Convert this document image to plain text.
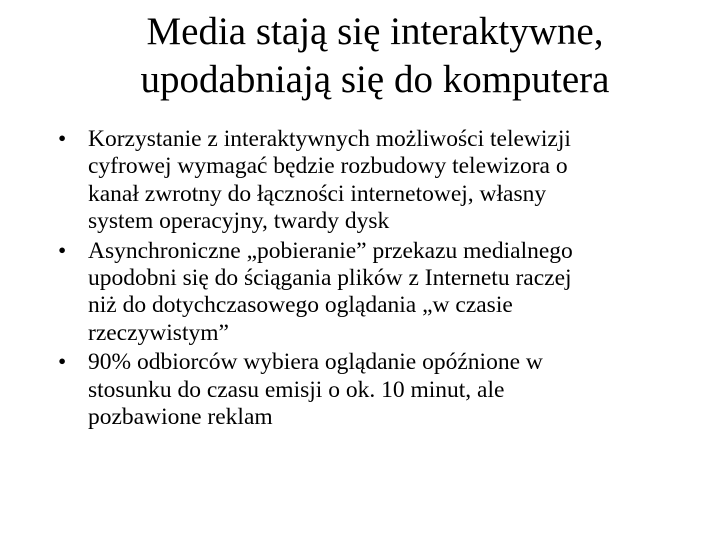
Media stają się interaktywne,
upodabniają się do komputera
• Korzystanie z interaktywnych możliwości telewizji
cyfrowej wymagać będzie rozbudowy telewizora o
kanał zwrotny do łączności internetowej, własny
system operacyjny, twardy dysk
• Asynchroniczne „pobieranie” przekazu medialnego
upodobni się do ściągania plików z Internetu raczej
niż do dotychczasowego oglądania „w czasie
rzeczywistym”
• 90% odbiorców wybiera oglądanie opóźnione w
stosunku do czasu emisji o ok. 10 minut, ale
pozbawione reklam
